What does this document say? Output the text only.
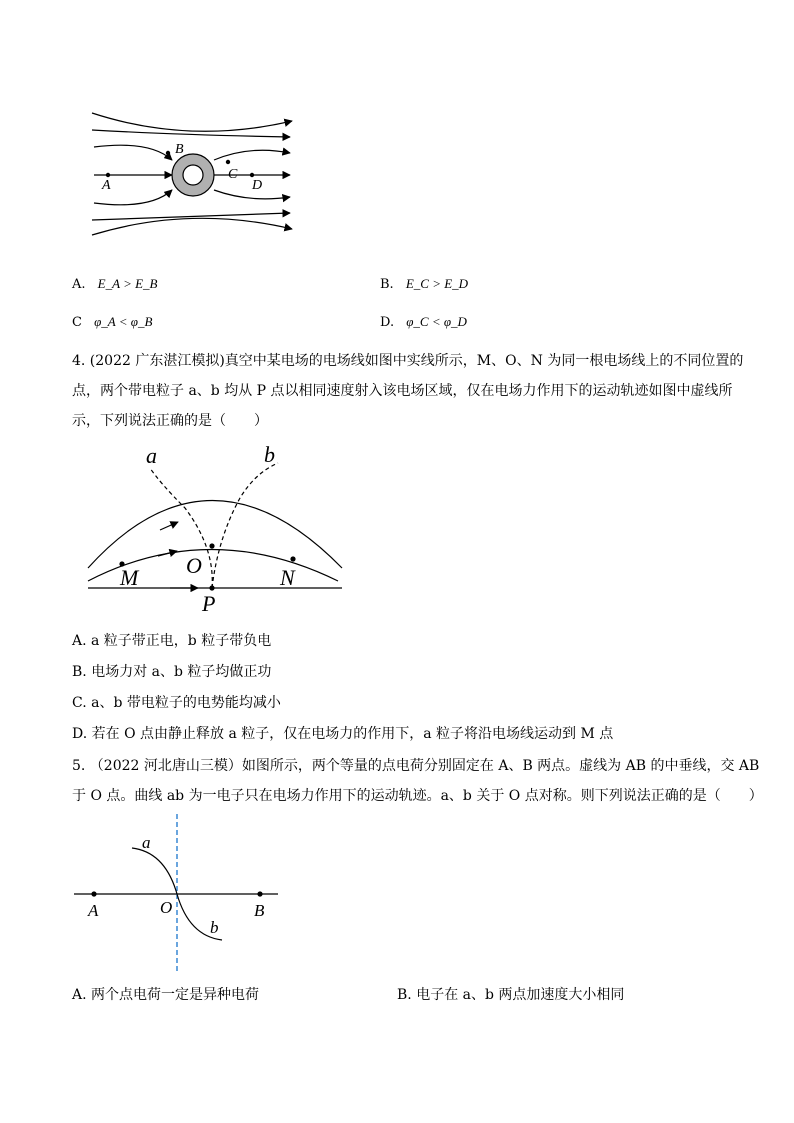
A
B
C
D
A. E_A > E_B	B. E_C > E_D
C φ_A < φ_B	D. φ_C < φ_D
4. (2022 广东湛江模拟)真空中某电场的电场线如图中实线所示，M、O、N 为同一根电场线上的不同位置的
点，两个带电粒子 a、b 均从 P 点以相同速度射入该电场区域，仅在电场力作用下的运动轨迹如图中虚线所
示，下列说法正确的是（　　）
a	b
O
M	N
P
A. a 粒子带正电，b 粒子带负电
B. 电场力对 a、b 粒子均做正功
C. a、b 带电粒子的电势能均减小
D. 若在 O 点由静止释放 a 粒子，仅在电场力的作用下，a 粒子将沿电场线运动到 M 点
5. （2022 河北唐山三模）如图所示，两个等量的点电荷分别固定在 A、B 两点。虚线为 AB 的中垂线，交 AB
于 O 点。曲线 ab 为一电子只在电场力作用下的运动轨迹。a、b 关于 O 点对称。则下列说法正确的是（　　）
a
b
A	O	B
A. 两个点电荷一定是异种电荷	B. 电子在 a、b 两点加速度大小相同
